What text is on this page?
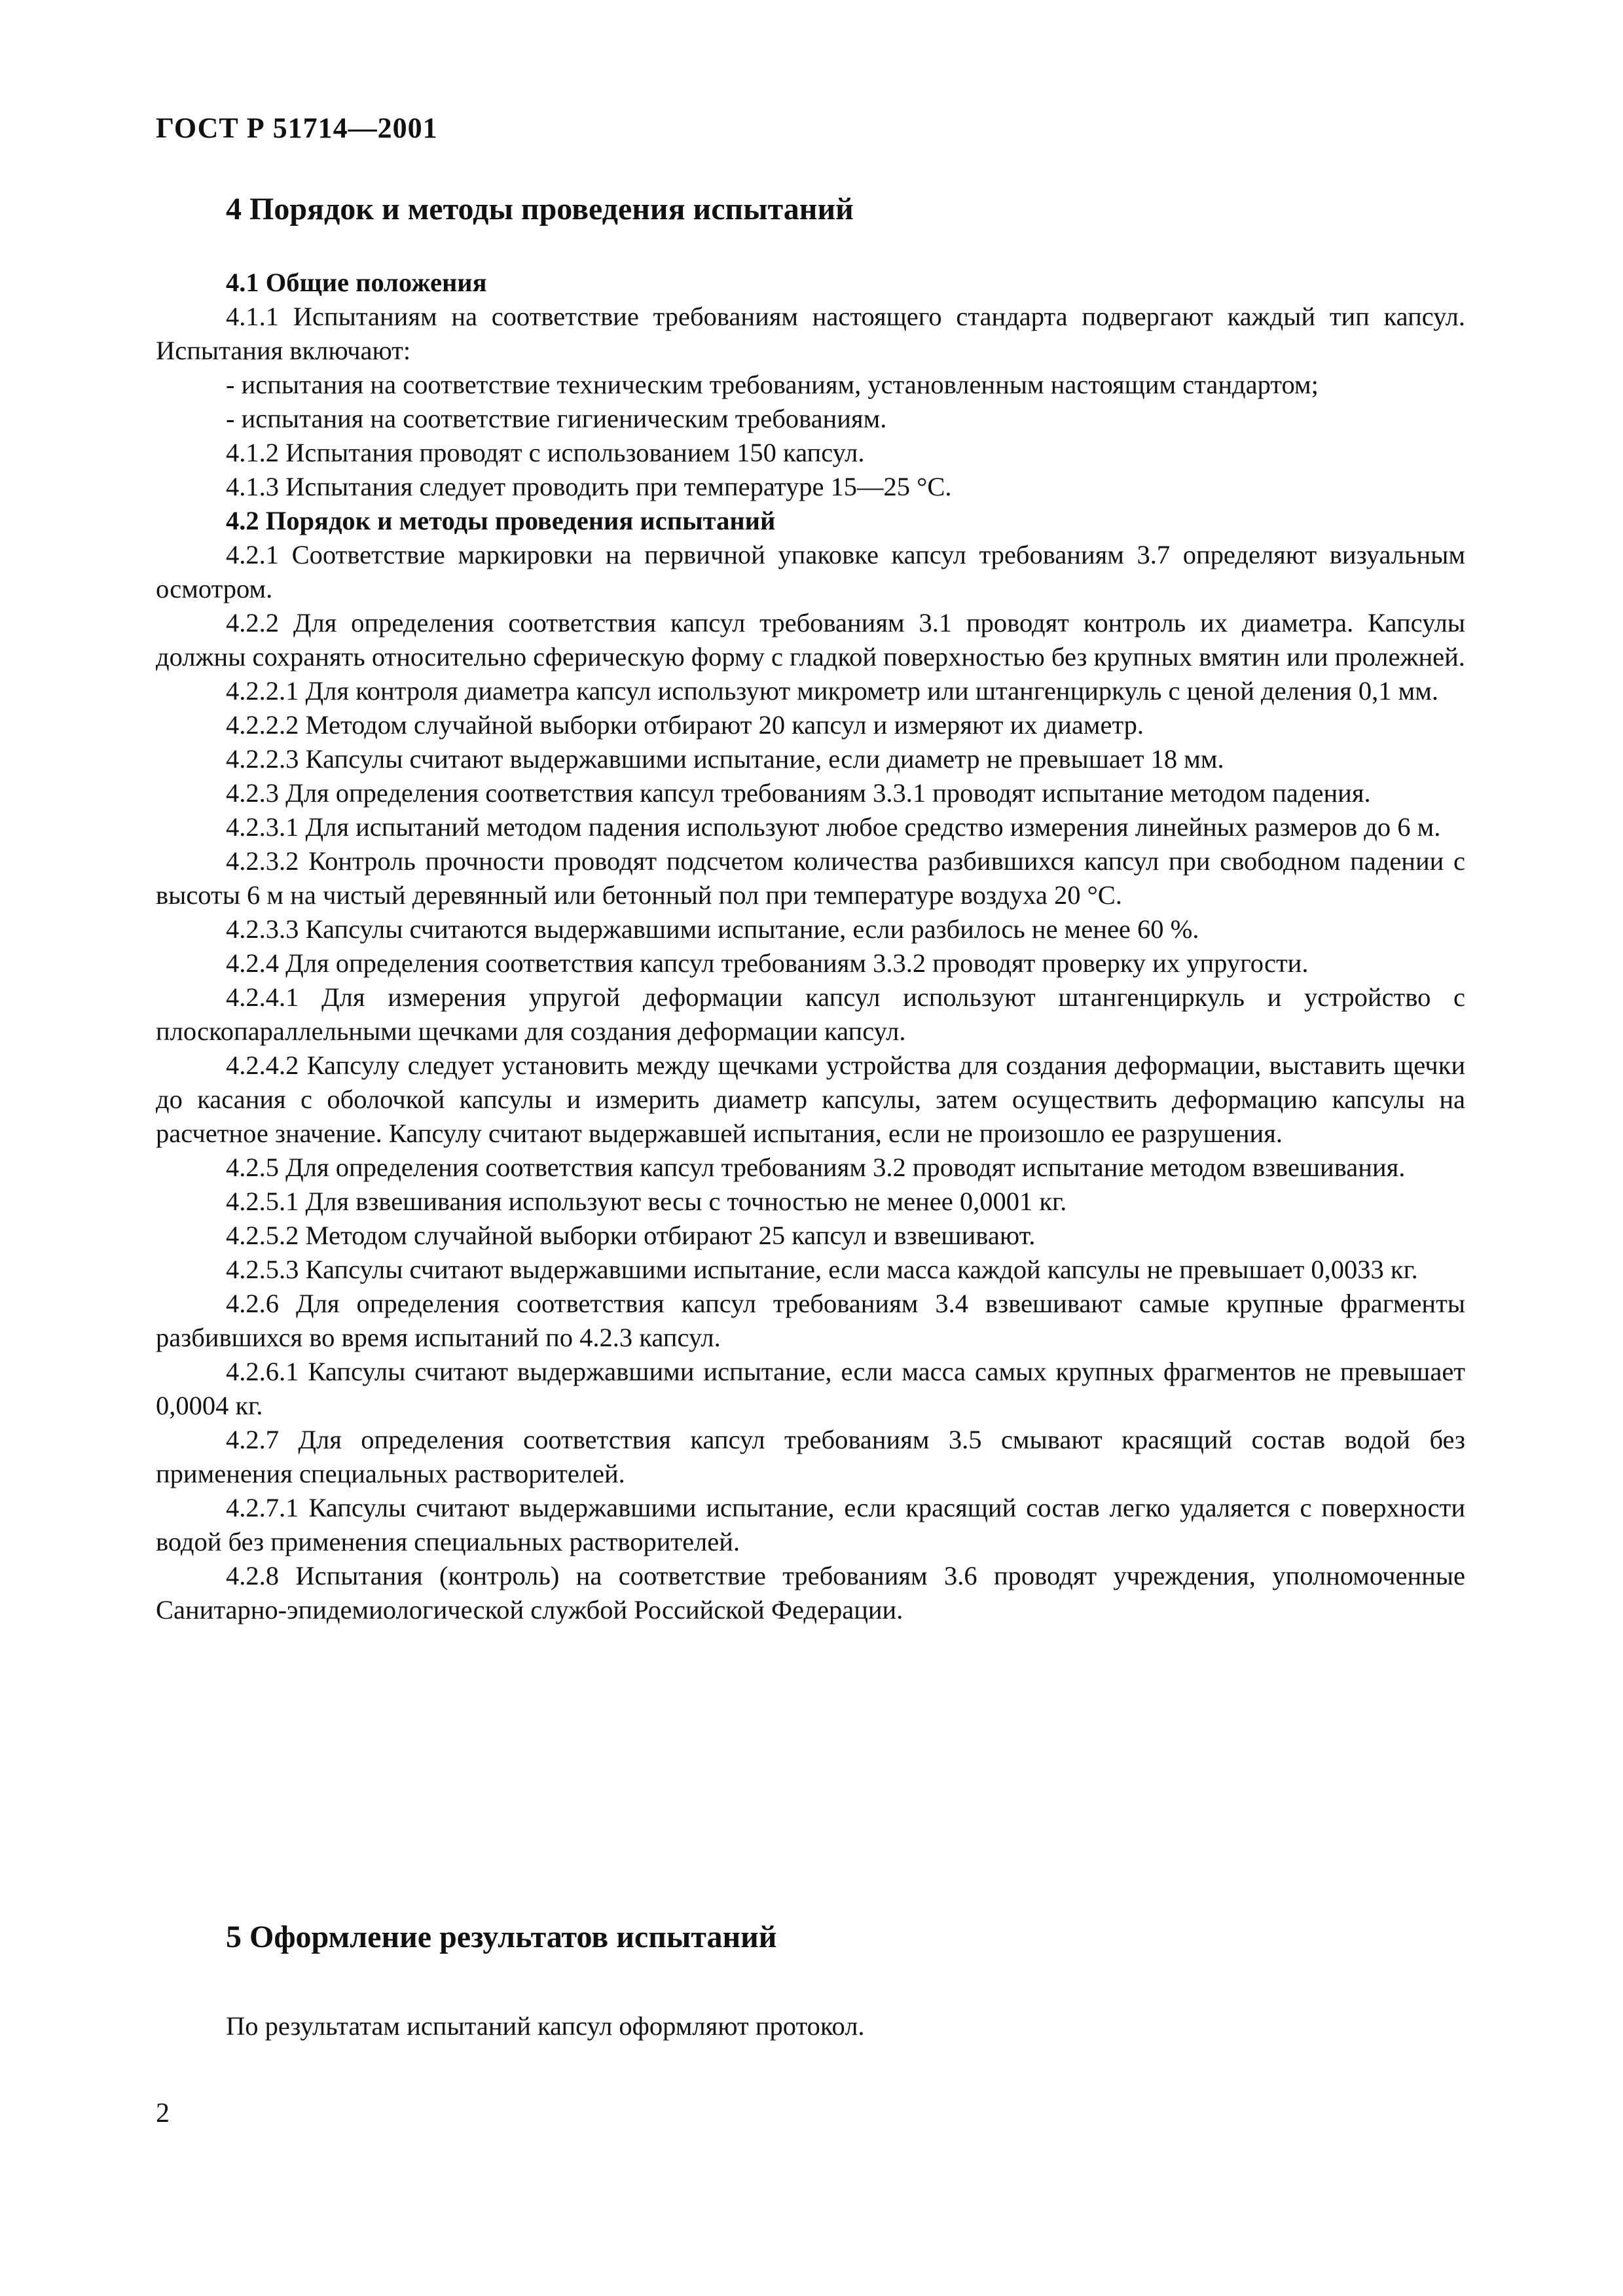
ГОСТ Р 51714—2001
4 Порядок и методы проведения испытаний

4.1 Общие положения

4.1.1 Испытаниям на соответствие требованиям настоящего стандарта подвергают каждый тип капсул. Испытания включают:

- испытания на соответствие техническим требованиям, установленным настоящим стандартом;

- испытания на соответствие гигиеническим требованиям.

4.1.2 Испытания проводят с использованием 150 капсул.

4.1.3 Испытания следует проводить при температуре 15—25 °С.

4.2 Порядок и методы проведения испытаний

4.2.1 Соответствие маркировки на первичной упаковке капсул требованиям 3.7 определяют визуальным осмотром.

4.2.2 Для определения соответствия капсул требованиям 3.1 проводят контроль их диаметра. Капсулы должны сохранять относительно сферическую форму с гладкой поверхностью без крупных вмятин или пролежней.

4.2.2.1 Для контроля диаметра капсул используют микрометр или штангенциркуль с ценой деления 0,1 мм.

4.2.2.2 Методом случайной выборки отбирают 20 капсул и измеряют их диаметр.

4.2.2.3 Капсулы считают выдержавшими испытание, если диаметр не превышает 18 мм.

4.2.3 Для определения соответствия капсул требованиям 3.3.1 проводят испытание методом падения.

4.2.3.1 Для испытаний методом падения используют любое средство измерения линейных размеров до 6 м.

4.2.3.2 Контроль прочности проводят подсчетом количества разбившихся капсул при свободном падении с высоты 6 м на чистый деревянный или бетонный пол при температуре воздуха 20 °С.

4.2.3.3 Капсулы считаются выдержавшими испытание, если разбилось не менее 60 %.

4.2.4 Для определения соответствия капсул требованиям 3.3.2 проводят проверку их упругости.

4.2.4.1 Для измерения упругой деформации капсул используют штангенциркуль и устройство с плоскопараллельными щечками для создания деформации капсул.

4.2.4.2 Капсулу следует установить между щечками устройства для создания деформации, выставить щечки до касания с оболочкой капсулы и измерить диаметр капсулы, затем осуществить деформацию капсулы на расчетное значение. Капсулу считают выдержавшей испытания, если не произошло ее разрушения.

4.2.5 Для определения соответствия капсул требованиям 3.2 проводят испытание методом взвешивания.

4.2.5.1 Для взвешивания используют весы с точностью не менее 0,0001 кг.

4.2.5.2 Методом случайной выборки отбирают 25 капсул и взвешивают.

4.2.5.3 Капсулы считают выдержавшими испытание, если масса каждой капсулы не превышает 0,0033 кг.

4.2.6 Для определения соответствия капсул требованиям 3.4 взвешивают самые крупные фрагменты разбившихся во время испытаний по 4.2.3 капсул.

4.2.6.1 Капсулы считают выдержавшими испытание, если масса самых крупных фрагментов не превышает 0,0004 кг.

4.2.7 Для определения соответствия капсул требованиям 3.5 смывают красящий состав водой без применения специальных растворителей.

4.2.7.1 Капсулы считают выдержавшими испытание, если красящий состав легко удаляется с поверхности водой без применения специальных растворителей.

4.2.8 Испытания (контроль) на соответствие требованиям 3.6 проводят учреждения, уполномоченные Санитарно-эпидемиологической службой Российской Федерации.

5 Оформление результатов испытаний

По результатам испытаний капсул оформляют протокол.

2
